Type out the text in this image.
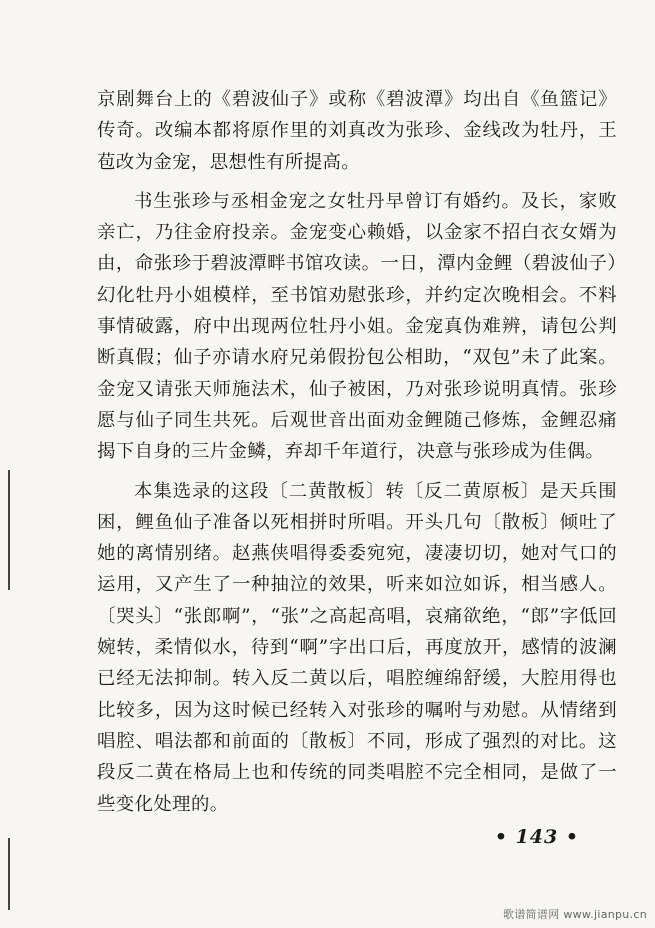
京剧舞台上的《碧波仙子》或称《碧波潭》均出自《鱼篮记》传奇。改编本都将原作里的刘真改为张珍、金线改为牡丹，王苞改为金宠，思想性有所提高。

书生张珍与丞相金宠之女牡丹早曾订有婚约。及长，家败亲亡，乃往金府投亲。金宠变心赖婚，以金家不招白衣女婿为由，命张珍于碧波潭畔书馆攻读。一日，潭内金鲤（碧波仙子）幻化牡丹小姐模样，至书馆劝慰张珍，并约定次晚相会。不料事情破露，府中出现两位牡丹小姐。金宠真伪难辨，请包公判断真假；仙子亦请水府兄弟假扮包公相助，“双包”未了此案。金宠又请张天师施法术，仙子被困，乃对张珍说明真情。张珍愿与仙子同生共死。后观世音出面劝金鲤随己修炼，金鲤忍痛揭下自身的三片金鳞，弃却千年道行，决意与张珍成为佳偶。

本集选录的这段〔二黄散板〕转〔反二黄原板〕是天兵围困，鲤鱼仙子准备以死相拼时所唱。开头几句〔散板〕倾吐了她的离情别绪。赵燕侠唱得委委宛宛，凄凄切切，她对气口的运用，又产生了一种抽泣的效果，听来如泣如诉，相当感人。〔哭头〕“张郎啊”，“张”之高起高唱，哀痛欲绝，“郎”字低回婉转，柔情似水，待到“啊”字出口后，再度放开，感情的波澜已经无法抑制。转入反二黄以后，唱腔缠绵舒缓，大腔用得也比较多，因为这时候已经转入对张珍的嘱咐与劝慰。从情绪到唱腔、唱法都和前面的〔散板〕不同，形成了强烈的对比。这段反二黄在格局上也和传统的同类唱腔不完全相同，是做了一些变化处理的。

• 143 •
歌谱简谱网 www.jianpu.cn
